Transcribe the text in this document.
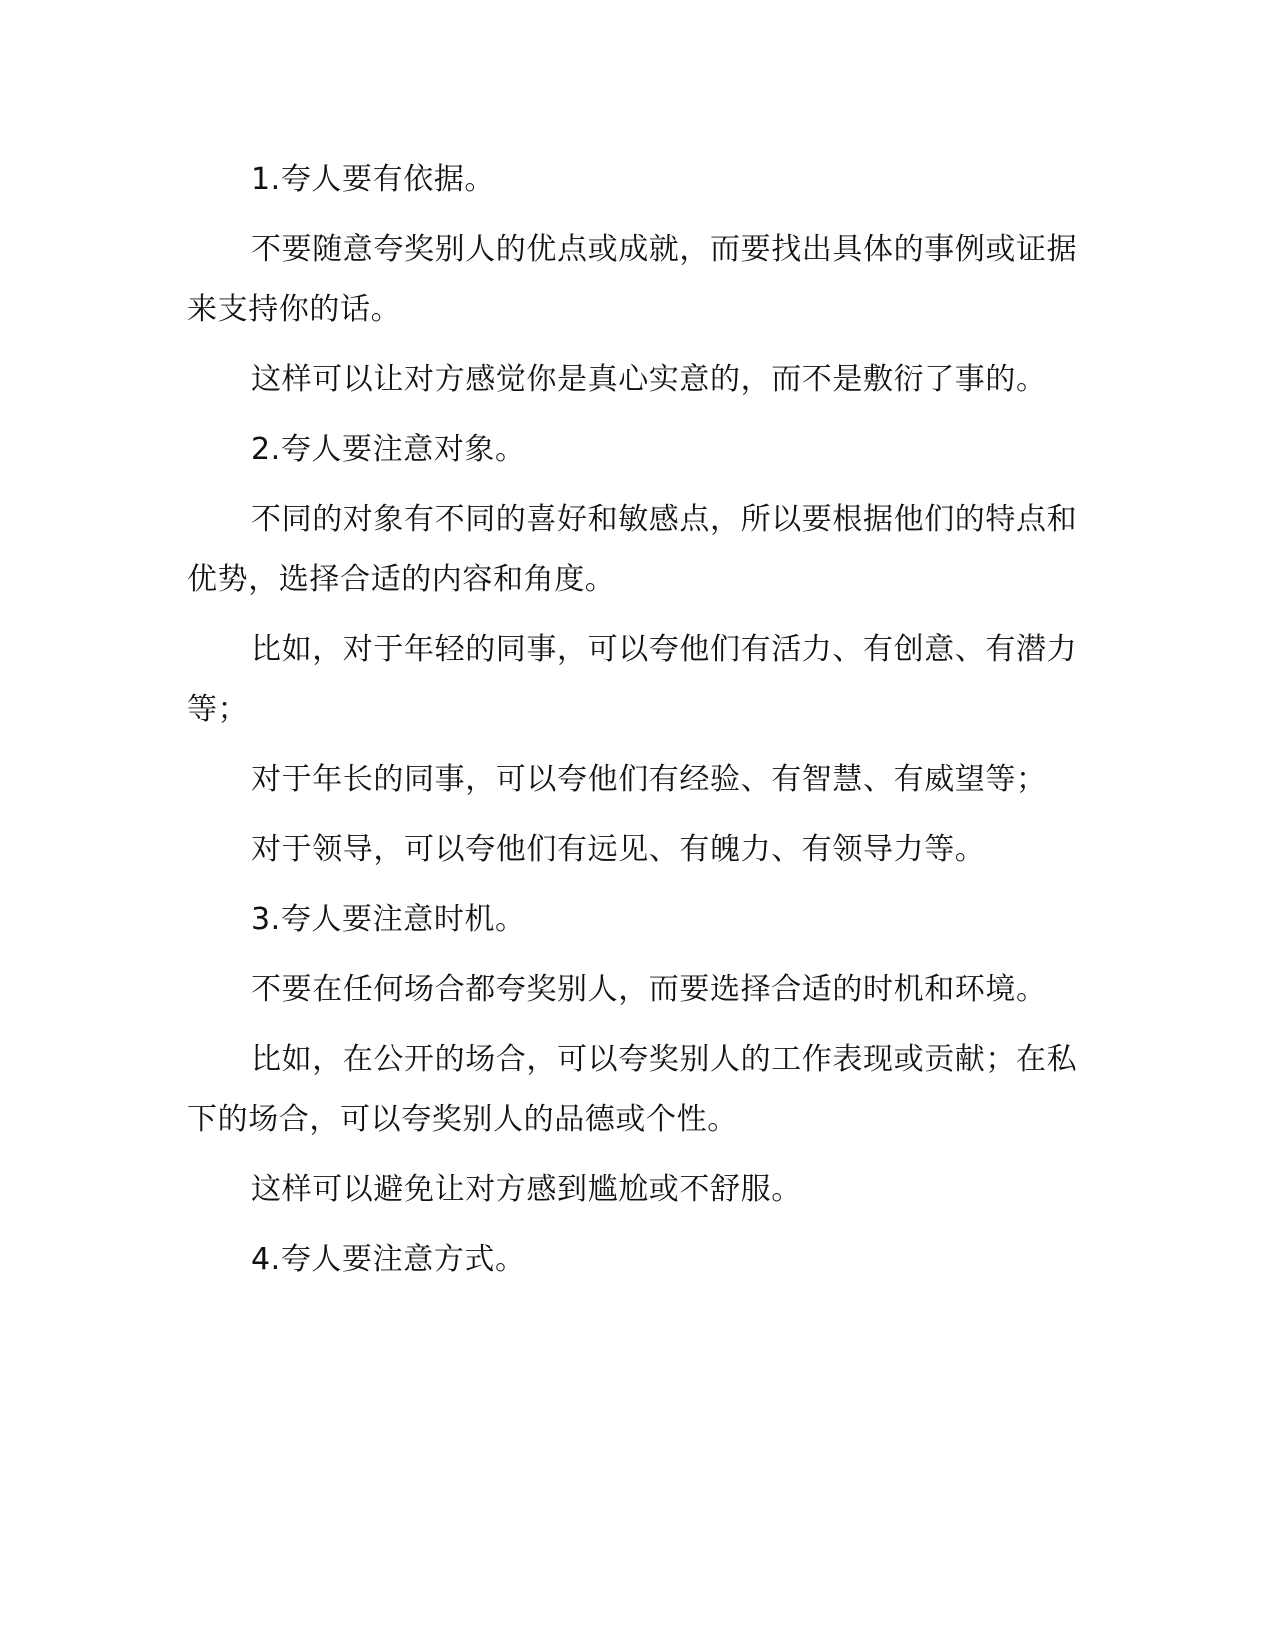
1.夸人要有依据。

不要随意夸奖别人的优点或成就，而要找出具体的事例或证据来支持你的话。

这样可以让对方感觉你是真心实意的，而不是敷衍了事的。

2.夸人要注意对象。

不同的对象有不同的喜好和敏感点，所以要根据他们的特点和优势，选择合适的内容和角度。

比如，对于年轻的同事，可以夸他们有活力、有创意、有潜力等；

对于年长的同事，可以夸他们有经验、有智慧、有威望等；

对于领导，可以夸他们有远见、有魄力、有领导力等。

3.夸人要注意时机。

不要在任何场合都夸奖别人，而要选择合适的时机和环境。

比如，在公开的场合，可以夸奖别人的工作表现或贡献；在私下的场合，可以夸奖别人的品德或个性。

这样可以避免让对方感到尴尬或不舒服。

4.夸人要注意方式。
